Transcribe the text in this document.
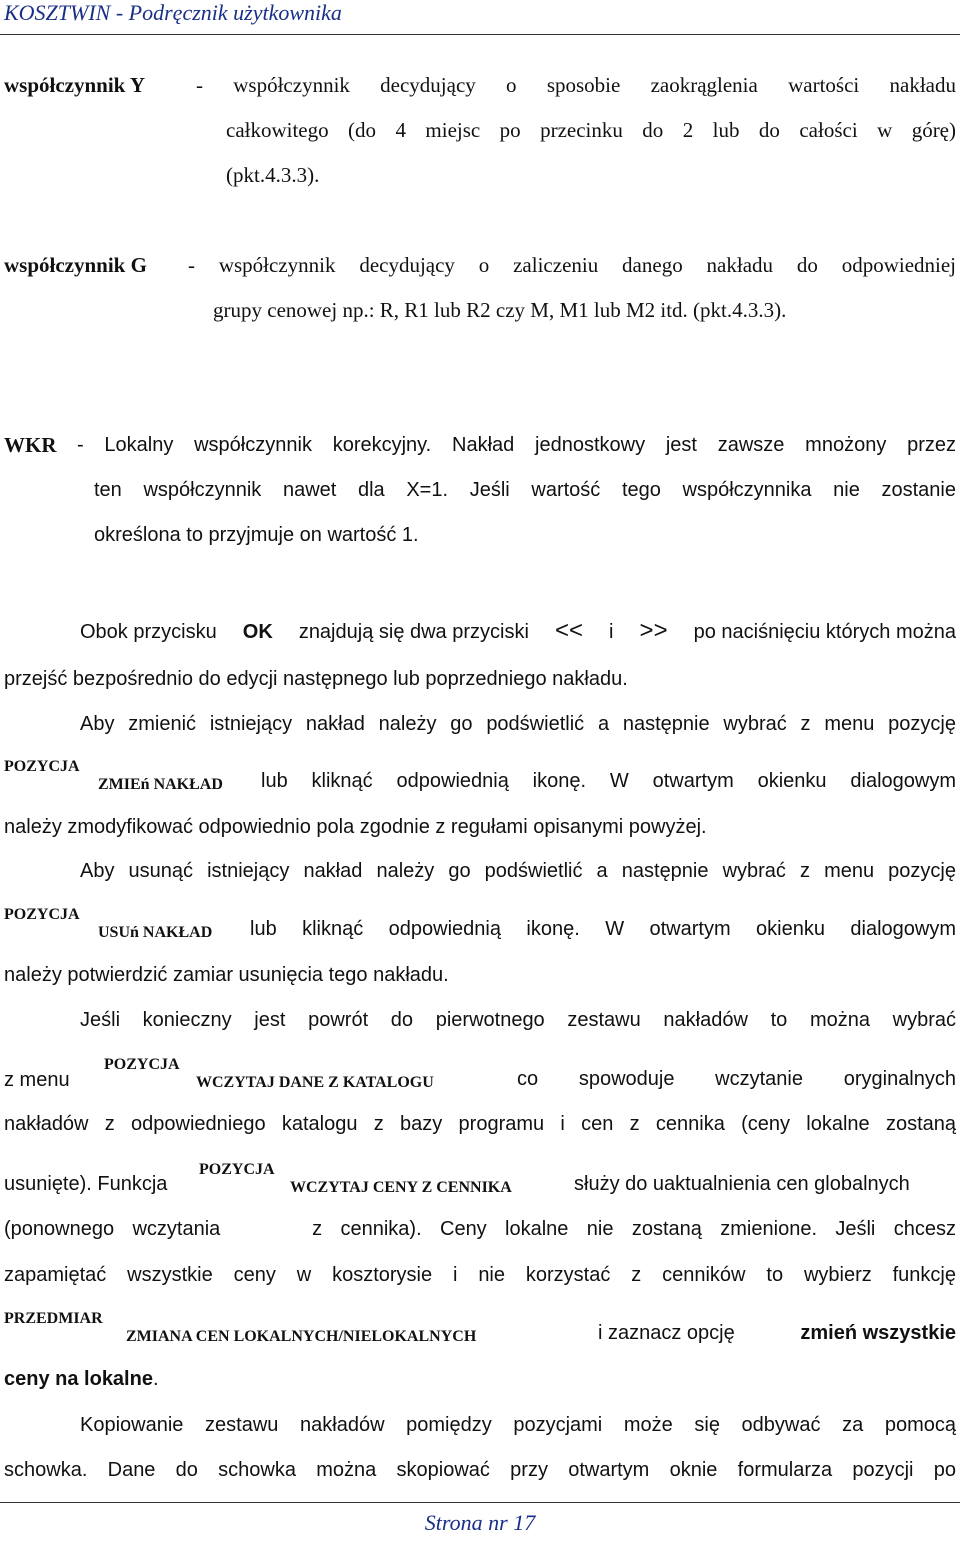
KOSZTWIN - Podręcznik użytkownika
współczynnik Y - współczynnik decydujący o sposobie zaokrąglenia wartości nakładu
całkowitego (do 4 miejsc po przecinku do 2 lub do całości w górę)
(pkt.4.3.3).
współczynnik G - współczynnik decydujący o zaliczeniu danego nakładu do odpowiedniej
grupy cenowej np.: R, R1 lub R2 czy M, M1 lub M2 itd. (pkt.4.3.3).
WKR - Lokalny współczynnik korekcyjny. Nakład jednostkowy jest zawsze mnożony przez
ten współczynnik nawet dla X=1. Jeśli wartość tego współczynnika nie zostanie
określona to przyjmuje on wartość 1.
Obok przycisku OK znajdują się dwa przyciski << i >> po naciśnięciu których można
przejść bezpośrednio do edycji następnego lub poprzedniego nakładu.
Aby zmienić istniejący nakład należy go podświetlić a następnie wybrać z menu pozycję
POZYCJA
ZMIEń NAKŁAD lub kliknąć odpowiednią ikonę. W otwartym okienku dialogowym
należy zmodyfikować odpowiednio pola zgodnie z regułami opisanymi powyżej.
Aby usunąć istniejący nakład należy go podświetlić a następnie wybrać z menu pozycję
POZYCJA
USUń NAKŁAD lub kliknąć odpowiednią ikonę. W otwartym okienku dialogowym
należy potwierdzić zamiar usunięcia tego nakładu.
Jeśli konieczny jest powrót do pierwotnego zestawu nakładów to można wybrać
z menu
POZYCJA
WCZYTAJ DANE Z KATALOGU	co spowoduje wczytanie oryginalnych
nakładów z odpowiedniego katalogu z bazy programu i cen z cennika (ceny lokalne zostaną
usunięte). Funkcja
POZYCJA
WCZYTAJ CENY Z CENNIKA	służy do uaktualnienia cen globalnych
(ponownego wczytania     z cennika). Ceny lokalne nie zostaną zmienione. Jeśli chcesz
zapamiętać wszystkie ceny w kosztorysie i nie korzystać z cenników to wybierz funkcję
PRZEDMIAR
ZMIANA CEN LOKALNYCH/NIELOKALNYCH	i zaznacz opcję	zmień wszystkie
ceny na lokalne.
Kopiowanie zestawu nakładów pomiędzy pozycjami może się odbywać za pomocą
schowka. Dane do schowka można skopiować przy otwartym oknie formularza pozycji po
Strona nr 17
